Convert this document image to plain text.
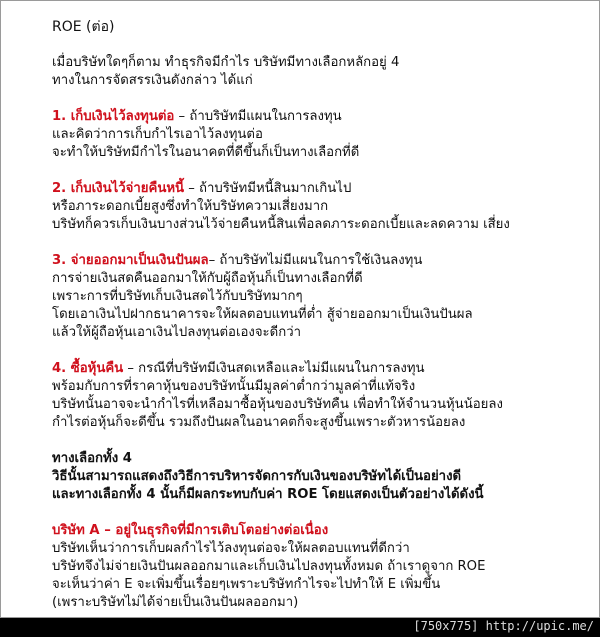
ROE (ต่อ)
เมื่อบริษัทใดๆก็ตาม ทำธุรกิจมีกำไร บริษัทมีทางเลือกหลักอยู่ 4
ทางในการจัดสรรเงินดังกล่าว ได้แก่
1. เก็บเงินไว้ลงทุนต่อ – ถ้าบริษัทมีแผนในการลงทุน
และคิดว่าการเก็บกำไรเอาไว้ลงทุนต่อ
จะทำให้บริษัทมีกำไรในอนาคตที่ดีขึ้นก็เป็นทางเลือกที่ดี
2. เก็บเงินไว้จ่ายคืนหนี้ – ถ้าบริษัทมีหนี้สินมากเกินไป
หรือภาระดอกเบี้ยสูงซึ่งทำให้บริษัทความเสี่ยงมาก
บริษัทก็ควรเก็บเงินบางส่วนไว้จ่ายคืนหนี้สินเพื่อลดภาระดอกเบี้ยและลดความ เสี่ยง
3. จ่ายออกมาเป็นเงินปันผล– ถ้าบริษัทไม่มีแผนในการใช้เงินลงทุน
การจ่ายเงินสดคืนออกมาให้กับผู้ถือหุ้นก็เป็นทางเลือกที่ดี
เพราะการที่บริษัทเก็บเงินสดไว้กับบริษัทมากๆ
โดยเอาเงินไปฝากธนาคารจะให้ผลตอบแทนที่ต่ำ สู้จ่ายออกมาเป็นเงินปันผล
แล้วให้ผู้ถือหุ้นเอาเงินไปลงทุนต่อเองจะดีกว่า
4. ซื้อหุ้นคืน – กรณีที่บริษัทมีเงินสดเหลือและไม่มีแผนในการลงทุน
พร้อมกับการที่ราคาหุ้นของบริษัทนั้นมีมูลค่าต่ำกว่ามูลค่าที่แท้จริง
บริษัทนั้นอาจจะนำกำไรที่เหลือมาซื้อหุ้นของบริษัทคืน เพื่อทำให้จำนวนหุ้นน้อยลง
กำไรต่อหุ้นก็จะดีขึ้น รวมถึงปันผลในอนาคตก็จะสูงขึ้นเพราะตัวหารน้อยลง
ทางเลือกทั้ง 4
วิธีนั้นสามารถแสดงถึงวิธีการบริหารจัดการกับเงินของบริษัทได้เป็นอย่างดี
และทางเลือกทั้ง 4 นั้นก็มีผลกระทบกับค่า ROE โดยแสดงเป็นตัวอย่างได้ดังนี้
บริษัท A – อยู่ในธุรกิจที่มีการเติบโตอย่างต่อเนื่อง
บริษัทเห็นว่าการเก็บผลกำไรไว้ลงทุนต่อจะให้ผลตอบแทนที่ดีกว่า
บริษัทจึงไม่จ่ายเงินปันผลออกมาและเก็บเงินไปลงทุนทั้งหมด ถ้าเราดูจาก ROE
จะเห็นว่าค่า E จะเพิ่มขึ้นเรื่อยๆเพราะบริษัทกำไรจะไปทำให้ E เพิ่มขึ้น
(เพราะบริษัทไม่ได้จ่ายเป็นเงินปันผลออกมา)
[750x775] http://upic.me/
